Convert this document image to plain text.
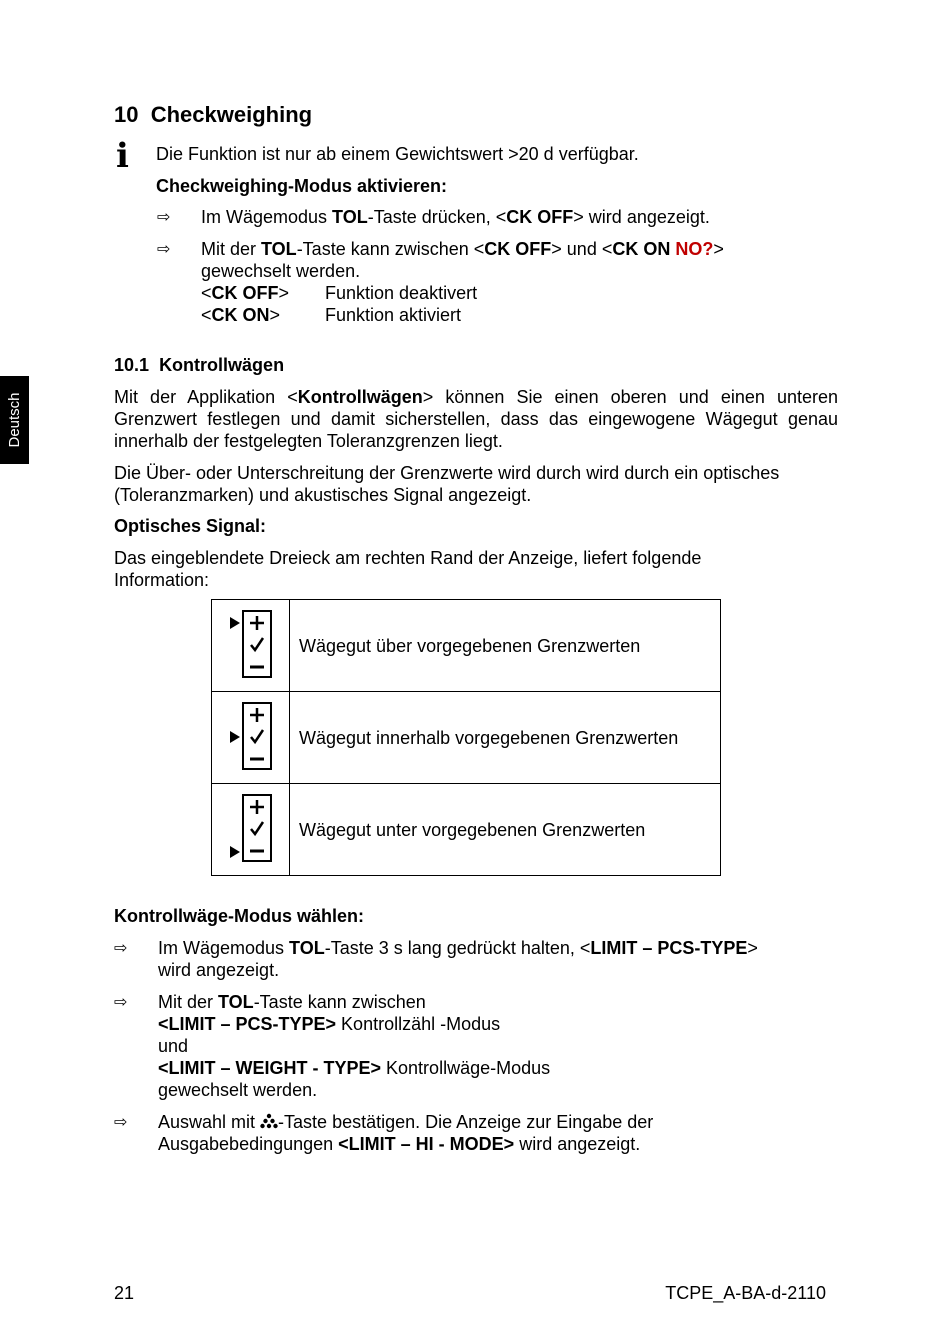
Deutsch
10 Checkweighing
i Die Funktion ist nur ab einem Gewichtswert >20 d verfügbar.
Checkweighing-Modus aktivieren:
⇨ Im Wägemodus TOL-Taste drücken, <CK OFF> wird angezeigt.
⇨ Mit der TOL-Taste kann zwischen <CK OFF> und <CK ON NO?>
gewechselt werden.
<CK OFF> Funktion deaktivert
<CK ON> Funktion aktiviert
10.1 Kontrollwägen
Mit der Applikation <Kontrollwägen> können Sie einen oberen und einen unteren
Grenzwert festlegen und damit sicherstellen, dass das eingewogene Wägegut genau
innerhalb der festgelegten Toleranzgrenzen liegt.
Die Über- oder Unterschreitung der Grenzwerte wird durch wird durch ein optisches
(Toleranzmarken) und akustisches Signal angezeigt.
Optisches Signal:
Das eingeblendete Dreieck am rechten Rand der Anzeige, liefert folgende
Information:
	Wägegut über vorgegebenen Grenzwerten
	Wägegut innerhalb vorgegebenen Grenzwerten
	Wägegut unter vorgegebenen Grenzwerten
Kontrollwäge-Modus wählen:
⇨ Im Wägemodus TOL-Taste 3 s lang gedrückt halten, <LIMIT – PCS-TYPE>
wird angezeigt.
⇨ Mit der TOL-Taste kann zwischen
<LIMIT – PCS-TYPE> Kontrollzähl -Modus
und
<LIMIT – WEIGHT - TYPE> Kontrollwäge-Modus
gewechselt werden.
⇨ Auswahl mit -Taste bestätigen. Die Anzeige zur Eingabe der
Ausgabebedingungen <LIMIT – HI - MODE> wird angezeigt.
21	TCPE_A-BA-d-2110
